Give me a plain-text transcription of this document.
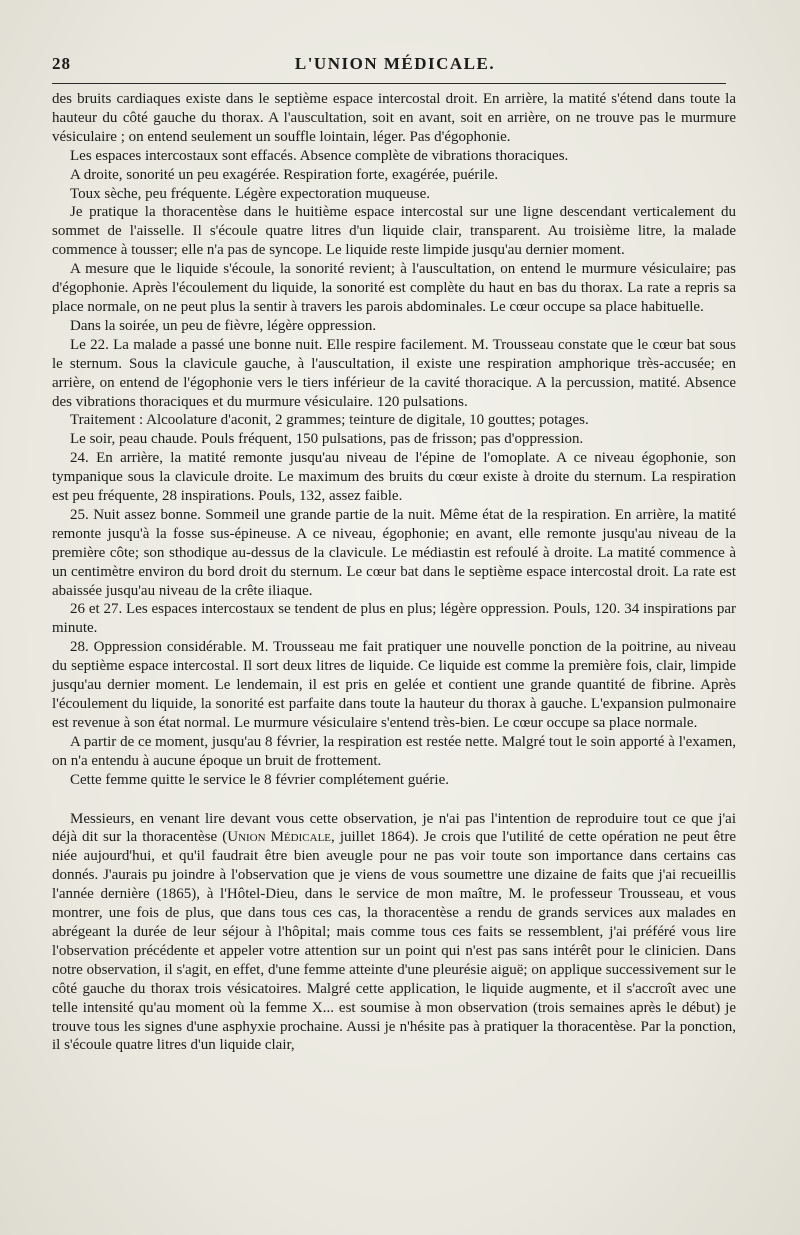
28	L'UNION MÉDICALE.

des bruits cardiaques existe dans le septième espace intercostal droit. En arrière, la matité s'étend dans toute la hauteur du côté gauche du thorax. A l'auscultation, soit en avant, soit en arrière, on ne trouve pas le murmure vésiculaire ; on entend seulement un souffle lointain, léger. Pas d'égophonie.

Les espaces intercostaux sont effacés. Absence complète de vibrations thoraciques.

A droite, sonorité un peu exagérée. Respiration forte, exagérée, puérile.

Toux sèche, peu fréquente. Légère expectoration muqueuse.

Je pratique la thoracentèse dans le huitième espace intercostal sur une ligne descendant verticalement du sommet de l'aisselle. Il s'écoule quatre litres d'un liquide clair, transparent. Au troisième litre, la malade commence à tousser; elle n'a pas de syncope. Le liquide reste limpide jusqu'au dernier moment.

A mesure que le liquide s'écoule, la sonorité revient; à l'auscultation, on entend le murmure vésiculaire; pas d'égophonie. Après l'écoulement du liquide, la sonorité est complète du haut en bas du thorax. La rate a repris sa place normale, on ne peut plus la sentir à travers les parois abdominales. Le cœur occupe sa place habituelle.

Dans la soirée, un peu de fièvre, légère oppression.

Le 22. La malade a passé une bonne nuit. Elle respire facilement. M. Trousseau constate que le cœur bat sous le sternum. Sous la clavicule gauche, à l'auscultation, il existe une respiration amphorique très-accusée; en arrière, on entend de l'égophonie vers le tiers inférieur de la cavité thoracique. A la percussion, matité. Absence des vibrations thoraciques et du murmure vésiculaire. 120 pulsations.

Traitement : Alcoolature d'aconit, 2 grammes; teinture de digitale, 10 gouttes; potages.

Le soir, peau chaude. Pouls fréquent, 150 pulsations, pas de frisson; pas d'oppression.

24. En arrière, la matité remonte jusqu'au niveau de l'épine de l'omoplate. A ce niveau égophonie, son tympanique sous la clavicule droite. Le maximum des bruits du cœur existe à droite du sternum. La respiration est peu fréquente, 28 inspirations. Pouls, 132, assez faible.

25. Nuit assez bonne. Sommeil une grande partie de la nuit. Même état de la respiration. En arrière, la matité remonte jusqu'à la fosse sus-épineuse. A ce niveau, égophonie; en avant, elle remonte jusqu'au niveau de la première côte; son sthodique au-dessus de la clavicule. Le médiastin est refoulé à droite. La matité commence à un centimètre environ du bord droit du sternum. Le cœur bat dans le septième espace intercostal droit. La rate est abaissée jusqu'au niveau de la crête iliaque.

26 et 27. Les espaces intercostaux se tendent de plus en plus; légère oppression. Pouls, 120. 34 inspirations par minute.

28. Oppression considérable. M. Trousseau me fait pratiquer une nouvelle ponction de la poitrine, au niveau du septième espace intercostal. Il sort deux litres de liquide. Ce liquide est comme la première fois, clair, limpide jusqu'au dernier moment. Le lendemain, il est pris en gelée et contient une grande quantité de fibrine. Après l'écoulement du liquide, la sonorité est parfaite dans toute la hauteur du thorax à gauche. L'expansion pulmonaire est revenue à son état normal. Le murmure vésiculaire s'entend très-bien. Le cœur occupe sa place normale.

A partir de ce moment, jusqu'au 8 février, la respiration est restée nette. Malgré tout le soin apporté à l'examen, on n'a entendu à aucune époque un bruit de frottement.

Cette femme quitte le service le 8 février complétement guérie.

Messieurs, en venant lire devant vous cette observation, je n'ai pas l'intention de reproduire tout ce que j'ai déjà dit sur la thoracentèse (Union Médicale, juillet 1864). Je crois que l'utilité de cette opération ne peut être niée aujourd'hui, et qu'il faudrait être bien aveugle pour ne pas voir toute son importance dans certains cas donnés. J'aurais pu joindre à l'observation que je viens de vous soumettre une dizaine de faits que j'ai recueillis l'année dernière (1865), à l'Hôtel-Dieu, dans le service de mon maître, M. le professeur Trousseau, et vous montrer, une fois de plus, que dans tous ces cas, la thoracentèse a rendu de grands services aux malades en abrégeant la durée de leur séjour à l'hôpital; mais comme tous ces faits se ressemblent, j'ai préféré vous lire l'observation précédente et appeler votre attention sur un point qui n'est pas sans intérêt pour le clinicien. Dans notre observation, il s'agit, en effet, d'une femme atteinte d'une pleurésie aiguë; on applique successivement sur le côté gauche du thorax trois vésicatoires. Malgré cette application, le liquide augmente, et il s'accroît avec une telle intensité qu'au moment où la femme X... est soumise à mon observation (trois semaines après le début) je trouve tous les signes d'une asphyxie prochaine. Aussi je n'hésite pas à pratiquer la thoracentèse. Par la ponction, il s'écoule quatre litres d'un liquide clair,
